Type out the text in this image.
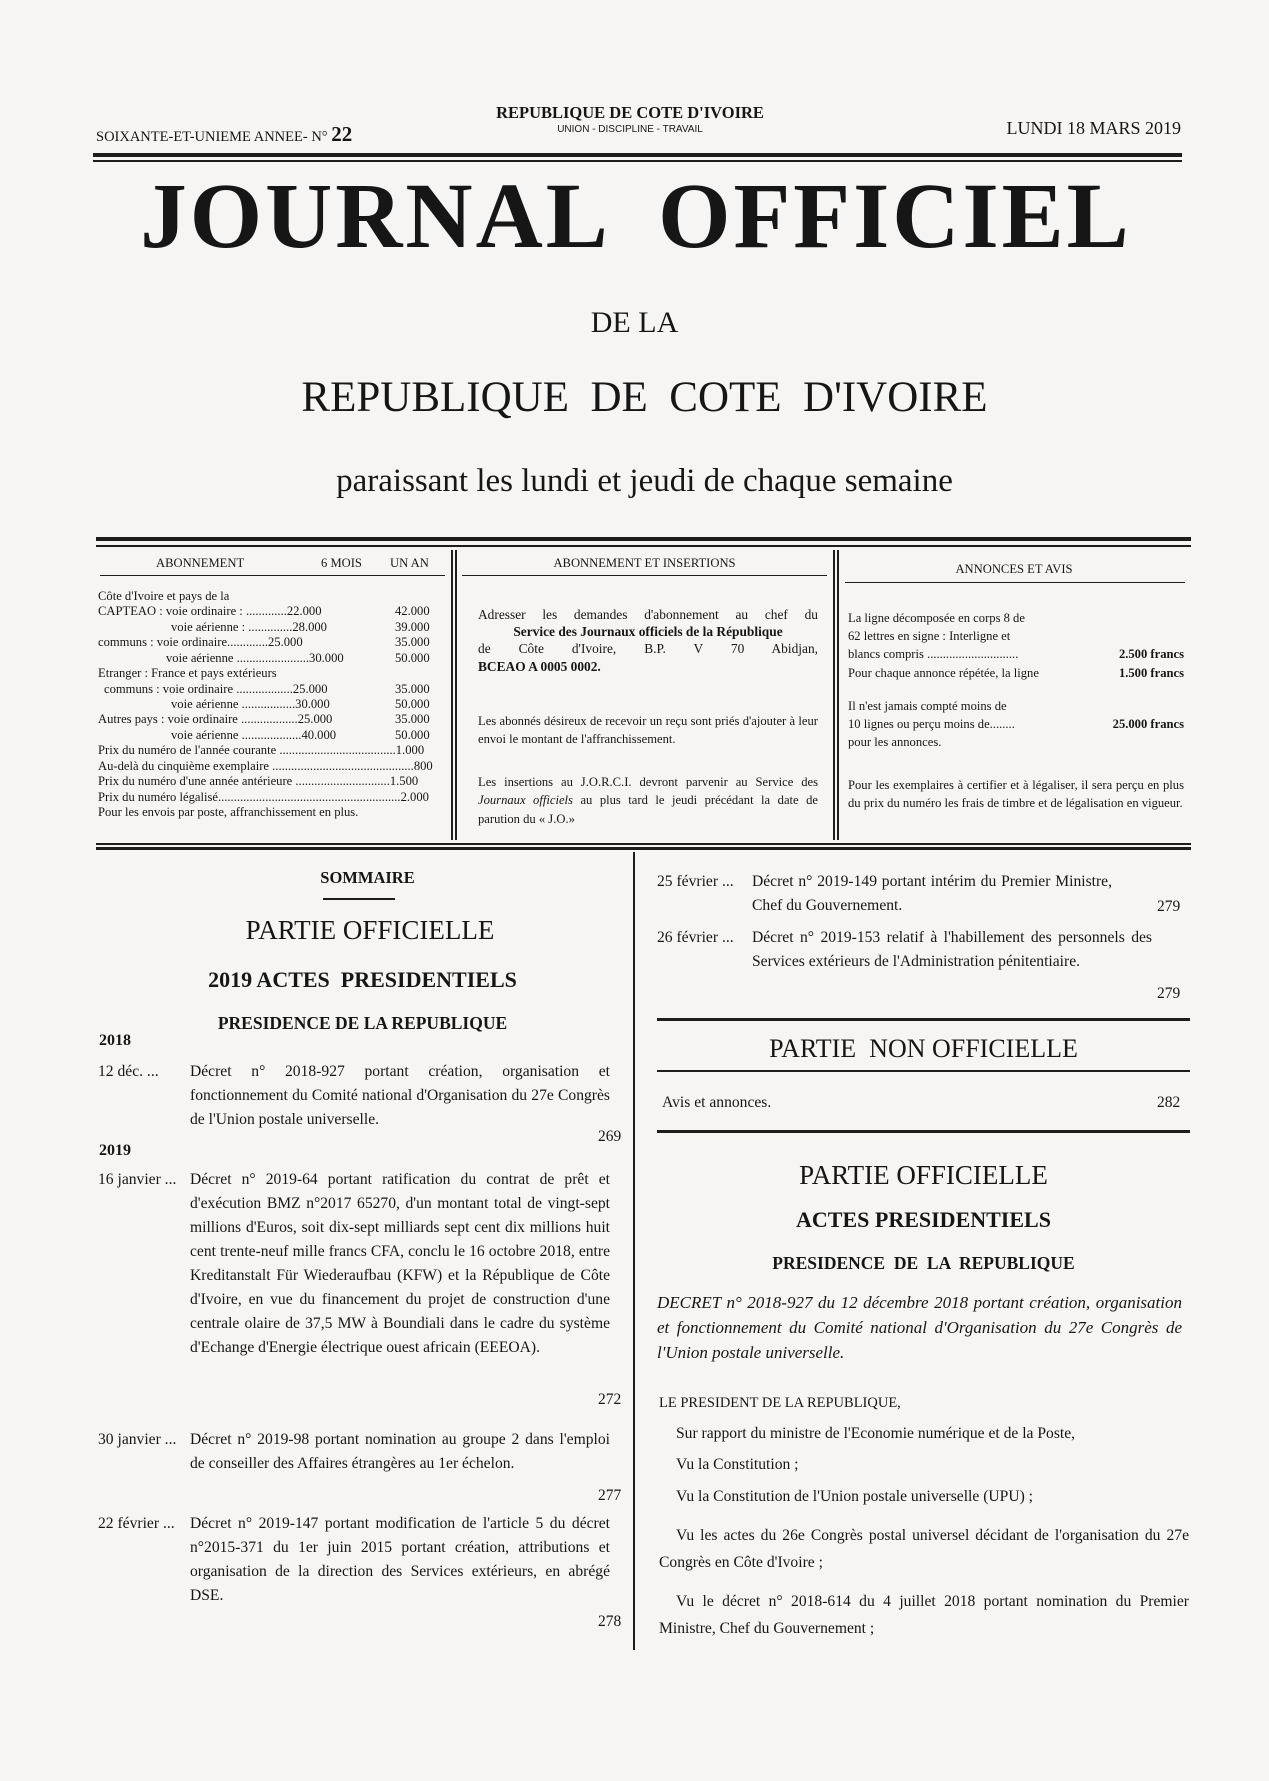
SOIXANTE-ET-UNIEME ANNEE- N° 22
REPUBLIQUE DE COTE D'IVOIRE
UNION - DISCIPLINE - TRAVAIL	LUNDI 18 MARS 2019
JOURNAL  OFFICIEL
DE LA
REPUBLIQUE  DE  COTE  D'IVOIRE
paraissant les lundi et jeudi de chaque semaine
ABONNEMENT	6 MOIS UN AN
Côte d'Ivoire et pays de la
CAPTEAO : voie ordinaire : .............22.000	42.000
voie aérienne : ..............28.000	39.000
communs : voie ordinaire.............25.000	35.000
voie aérienne .......................30.000	50.000
Etranger : France et pays extérieurs
communs : voie ordinaire ..................25.000	35.000
voie aérienne .................30.000	50.000
Autres pays : voie ordinaire ..................25.000	35.000
voie aérienne ...................40.000	50.000
Prix du numéro de l'année courante .....................................1.000
Au-delà du cinquième exemplaire .............................................800
Prix du numéro d'une année antérieure ..............................1.500
Prix du numéro légalisé..........................................................2.000
Pour les envois par poste, affranchissement en plus.
ABONNEMENT ET INSERTIONS
Adresser les demandes d'abonnement au chef du
Service des Journaux officiels de la République
de Côte d'Ivoire, B.P. V 70 Abidjan,
BCEAO A 0005 0002.
Les abonnés désireux de recevoir un reçu sont priés d'ajouter à leur envoi le montant de l'affranchissement.
Les insertions au J.O.R.C.I. devront parvenir au Service des Journaux officiels au plus tard le jeudi précédant la date de parution du « J.O.»
ANNONCES ET AVIS
La ligne décomposée en corps 8 de
62 lettres en signe : Interligne et
blancs compris .............................	2.500 francs
Pour chaque annonce répétée, la ligne	1.500 francs
Il n'est jamais compté moins de
10 lignes ou perçu moins de........	25.000 francs
pour les annonces.
Pour les exemplaires à certifier et à légaliser, il sera perçu en plus du prix du numéro les frais de timbre et de légalisation en vigueur.
SOMMAIRE
PARTIE OFFICIELLE
2019 ACTES  PRESIDENTIELS
PRESIDENCE DE LA REPUBLIQUE
2018
12 déc. ... Décret n° 2018-927 portant création, organisation et fonctionnement du Comité national d'Organisation du 27e Congrès de l'Union postale universelle.
269
2019
16 janvier ... Décret n° 2019-64 portant ratification du contrat de prêt et d'exécution BMZ n°2017 65270, d'un montant total de vingt-sept millions d'Euros, soit dix-sept milliards sept cent dix millions huit cent trente-neuf mille francs CFA, conclu le 16 octobre 2018, entre Kreditanstalt Für Wiederaufbau (KFW) et la République de Côte d'Ivoire, en vue du financement du projet de construction d'une centrale olaire de 37,5 MW à Boundiali dans le cadre du système d'Echange d'Energie électrique ouest africain (EEEOA).
272
30 janvier ... Décret n° 2019-98 portant nomination au groupe 2 dans l'emploi de conseiller des Affaires étrangères au 1er échelon.
277
22 février ... Décret n° 2019-147 portant modification de l'article 5 du décret n°2015-371 du 1er juin 2015 portant création, attributions et organisation de la direction des Services extérieurs, en abrégé DSE.
278
25 février ... Décret n° 2019-149 portant intérim du Premier Ministre, Chef du Gouvernement.	279
26 février ... Décret n° 2019-153 relatif à l'habillement des personnels des Services extérieurs de l'Administration pénitentiaire.
279
PARTIE  NON OFFICIELLE
Avis et annonces.	282
PARTIE OFFICIELLE
ACTES PRESIDENTIELS
PRESIDENCE  DE  LA  REPUBLIQUE
DECRET n° 2018-927 du 12 décembre 2018 portant création, organisation et fonctionnement du Comité national d'Organisation du 27e Congrès de l'Union postale universelle.
LE PRESIDENT DE LA REPUBLIQUE,
Sur rapport du ministre de l'Economie numérique et de la Poste,
Vu la Constitution ;
Vu la Constitution de l'Union postale universelle (UPU) ;
Vu les actes du 26e Congrès postal universel décidant de l'organisation du 27e Congrès en Côte d'Ivoire ;
Vu le décret n° 2018-614 du 4 juillet 2018 portant nomination du Premier Ministre, Chef du Gouvernement ;
